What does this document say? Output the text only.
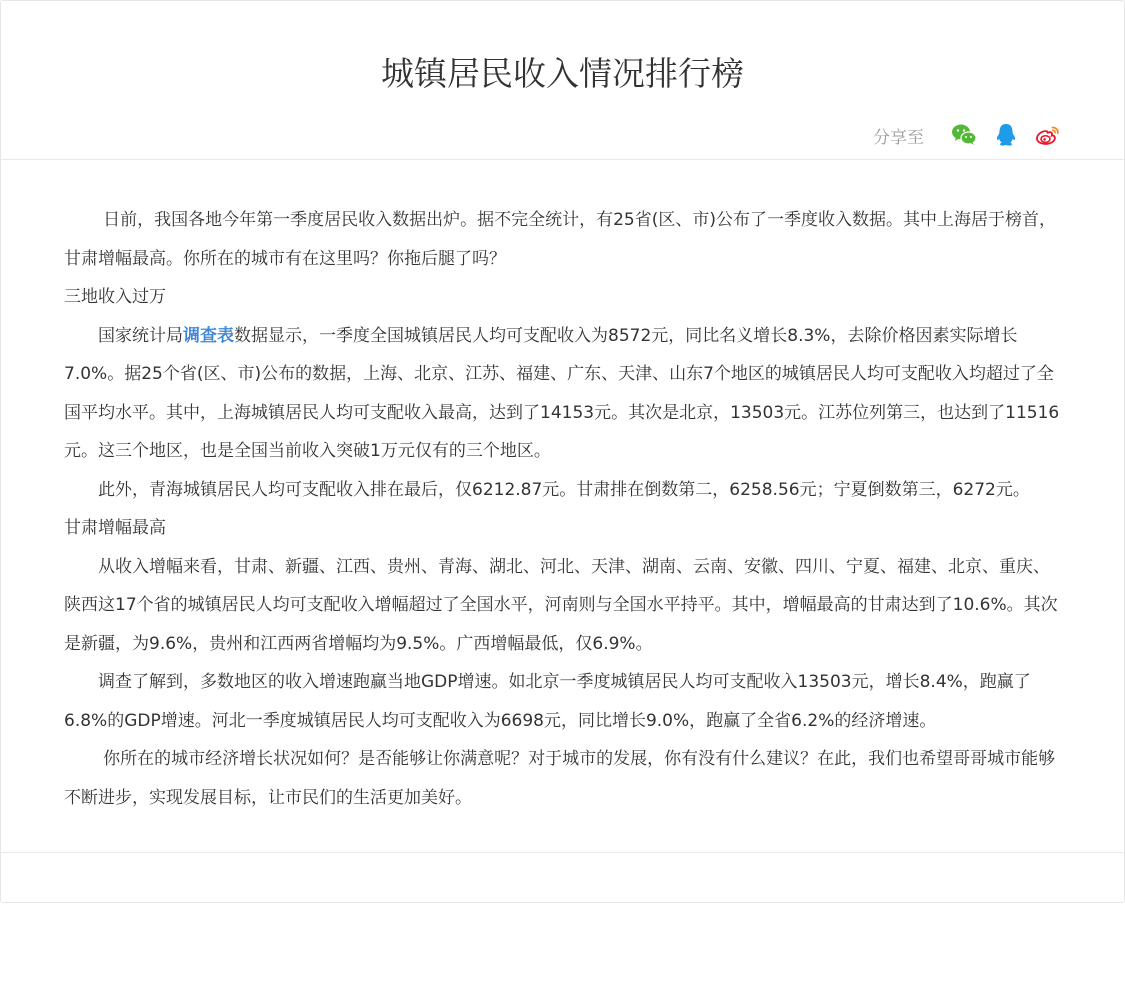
城镇居民收入情况排行榜
分享至

日前，我国各地今年第一季度居民收入数据出炉。据不完全统计，有25省(区、市)公布了一季度收入数据。其中上海居于榜首，甘肃增幅最高。你所在的城市有在这里吗？你拖后腿了吗？

三地收入过万

国家统计局调查表数据显示，一季度全国城镇居民人均可支配收入为8572元，同比名义增长8.3%，去除价格因素实际增长7.0%。据25个省(区、市)公布的数据，上海、北京、江苏、福建、广东、天津、山东7个地区的城镇居民人均可支配收入均超过了全国平均水平。其中，上海城镇居民人均可支配收入最高，达到了14153元。其次是北京，13503元。江苏位列第三，也达到了11516元。这三个地区，也是全国当前收入突破1万元仅有的三个地区。

此外，青海城镇居民人均可支配收入排在最后，仅6212.87元。甘肃排在倒数第二，6258.56元；宁夏倒数第三，6272元。

甘肃增幅最高

从收入增幅来看，甘肃、新疆、江西、贵州、青海、湖北、河北、天津、湖南、云南、安徽、四川、宁夏、福建、北京、重庆、陕西这17个省的城镇居民人均可支配收入增幅超过了全国水平，河南则与全国水平持平。其中，增幅最高的甘肃达到了10.6%。其次是新疆，为9.6%，贵州和江西两省增幅均为9.5%。广西增幅最低，仅6.9%。

调查了解到，多数地区的收入增速跑赢当地GDP增速。如北京一季度城镇居民人均可支配收入13503元，增长8.4%，跑赢了6.8%的GDP增速。河北一季度城镇居民人均可支配收入为6698元，同比增长9.0%，跑赢了全省6.2%的经济增速。

你所在的城市经济增长状况如何？是否能够让你满意呢？对于城市的发展，你有没有什么建议？在此，我们也希望哥哥城市能够不断进步，实现发展目标，让市民们的生活更加美好。
